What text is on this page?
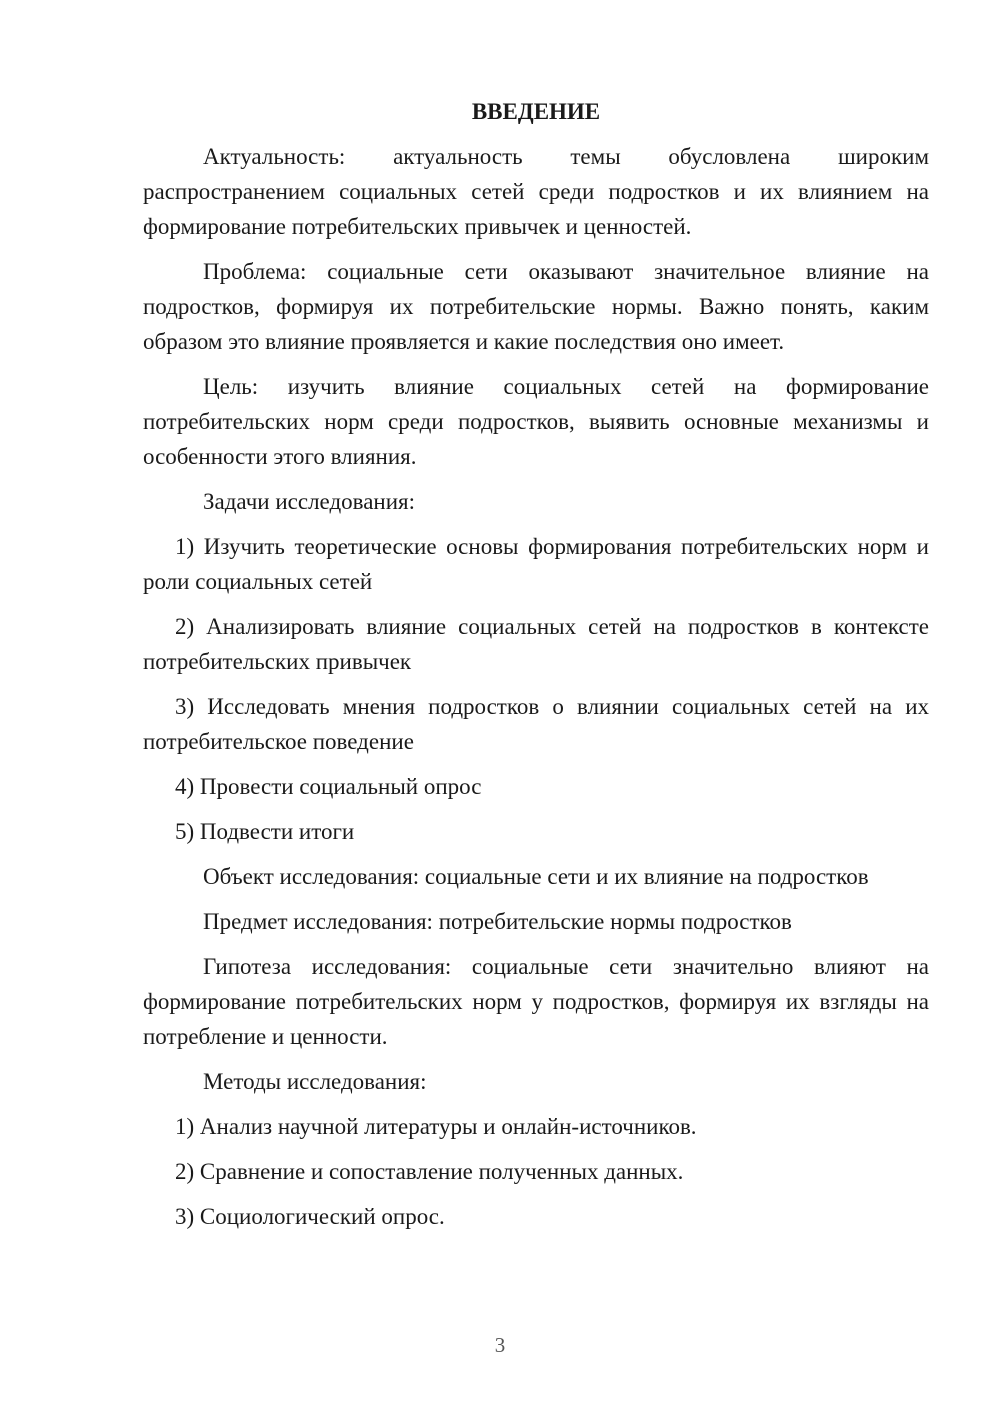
ВВЕДЕНИЕ

Актуальность: актуальность темы обусловлена широким распространением социальных сетей среди подростков и их влиянием на формирование потребительских привычек и ценностей.

Проблема: социальные сети оказывают значительное влияние на подростков, формируя их потребительские нормы. Важно понять, каким образом это влияние проявляется и какие последствия оно имеет.

Цель: изучить влияние социальных сетей на формирование потребительских норм среди подростков, выявить основные механизмы и особенности этого влияния.

Задачи исследования:

1) Изучить теоретические основы формирования потребительских норм и роли социальных сетей

2) Анализировать влияние социальных сетей на подростков в контексте потребительских привычек

3) Исследовать мнения подростков о влиянии социальных сетей на их потребительское поведение

4) Провести социальный опрос

5) Подвести итоги

Объект исследования: социальные сети и их влияние на подростков

Предмет исследования: потребительские нормы подростков

Гипотеза исследования: социальные сети значительно влияют на формирование потребительских норм у подростков, формируя их взгляды на потребление и ценности.

Методы исследования:

1) Анализ научной литературы и онлайн-источников.

2) Сравнение и сопоставление полученных данных.

3) Социологический опрос.

3
